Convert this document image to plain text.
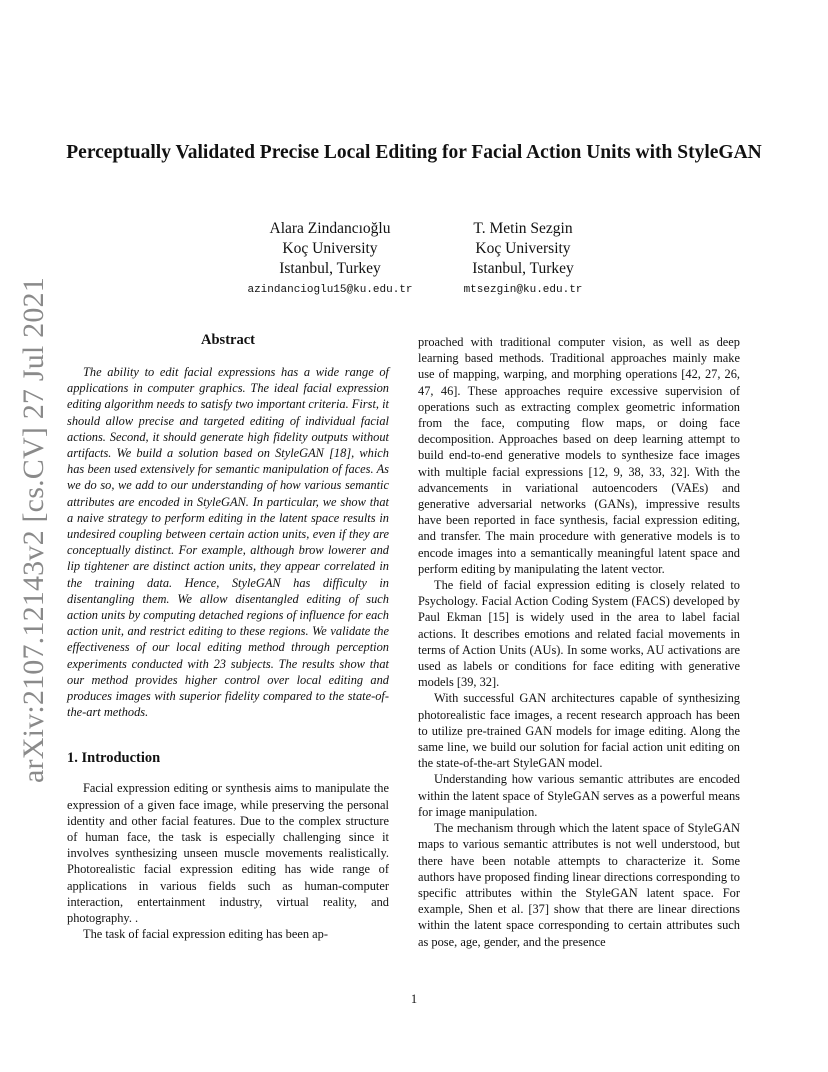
arXiv:2107.12143v2 [cs.CV] 27 Jul 2021
Perceptually Validated Precise Local Editing for Facial Action Units with StyleGAN
Alara Zindancıoğlu
Koç University
Istanbul, Turkey
azindancioglu15@ku.edu.tr
T. Metin Sezgin
Koç University
Istanbul, Turkey
mtsezgin@ku.edu.tr
Abstract

The ability to edit facial expressions has a wide range of applications in computer graphics. The ideal facial expression editing algorithm needs to satisfy two important criteria. First, it should allow precise and targeted editing of individual facial actions. Second, it should generate high fidelity outputs without artifacts. We build a solution based on StyleGAN [18], which has been used extensively for semantic manipulation of faces. As we do so, we add to our understanding of how various semantic attributes are encoded in StyleGAN. In particular, we show that a naive strategy to perform editing in the latent space results in undesired coupling between certain action units, even if they are conceptually distinct. For example, although brow lowerer and lip tightener are distinct action units, they appear correlated in the training data. Hence, StyleGAN has difficulty in disentangling them. We allow disentangled editing of such action units by computing detached regions of influence for each action unit, and restrict editing to these regions. We validate the effectiveness of our local editing method through perception experiments conducted with 23 subjects. The results show that our method provides higher control over local editing and produces images with superior fidelity compared to the state-of-the-art methods.

1. Introduction

Facial expression editing or synthesis aims to manipulate the expression of a given face image, while preserving the personal identity and other facial features. Due to the complex structure of human face, the task is especially challenging since it involves synthesizing unseen muscle movements realistically. Photorealistic facial expression editing has wide range of applications in various fields such as human-computer interaction, entertainment industry, virtual reality, and photography. .

The task of facial expression editing has been ap-

proached with traditional computer vision, as well as deep learning based methods. Traditional approaches mainly make use of mapping, warping, and morphing operations [42, 27, 26, 47, 46]. These approaches require excessive supervision of operations such as extracting complex geometric information from the face, computing flow maps, or doing face decomposition. Approaches based on deep learning attempt to build end-to-end generative models to synthesize face images with multiple facial expressions [12, 9, 38, 33, 32]. With the advancements in variational autoencoders (VAEs) and generative adversarial networks (GANs), impressive results have been reported in face synthesis, facial expression editing, and transfer. The main procedure with generative models is to encode images into a semantically meaningful latent space and perform editing by manipulating the latent vector.

The field of facial expression editing is closely related to Psychology. Facial Action Coding System (FACS) developed by Paul Ekman [15] is widely used in the area to label facial actions. It describes emotions and related facial movements in terms of Action Units (AUs). In some works, AU activations are used as labels or conditions for face editing with generative models [39, 32].

With successful GAN architectures capable of synthesizing photorealistic face images, a recent research approach has been to utilize pre-trained GAN models for image editing. Along the same line, we build our solution for facial action unit editing on the state-of-the-art StyleGAN model.

Understanding how various semantic attributes are encoded within the latent space of StyleGAN serves as a powerful means for image manipulation.

The mechanism through which the latent space of StyleGAN maps to various semantic attributes is not well understood, but there have been notable attempts to characterize it. Some authors have proposed finding linear directions corresponding to specific attributes within the StyleGAN latent space. For example, Shen et al. [37] show that there are linear directions within the latent space corresponding to certain attributes such as pose, age, gender, and the presence

1
